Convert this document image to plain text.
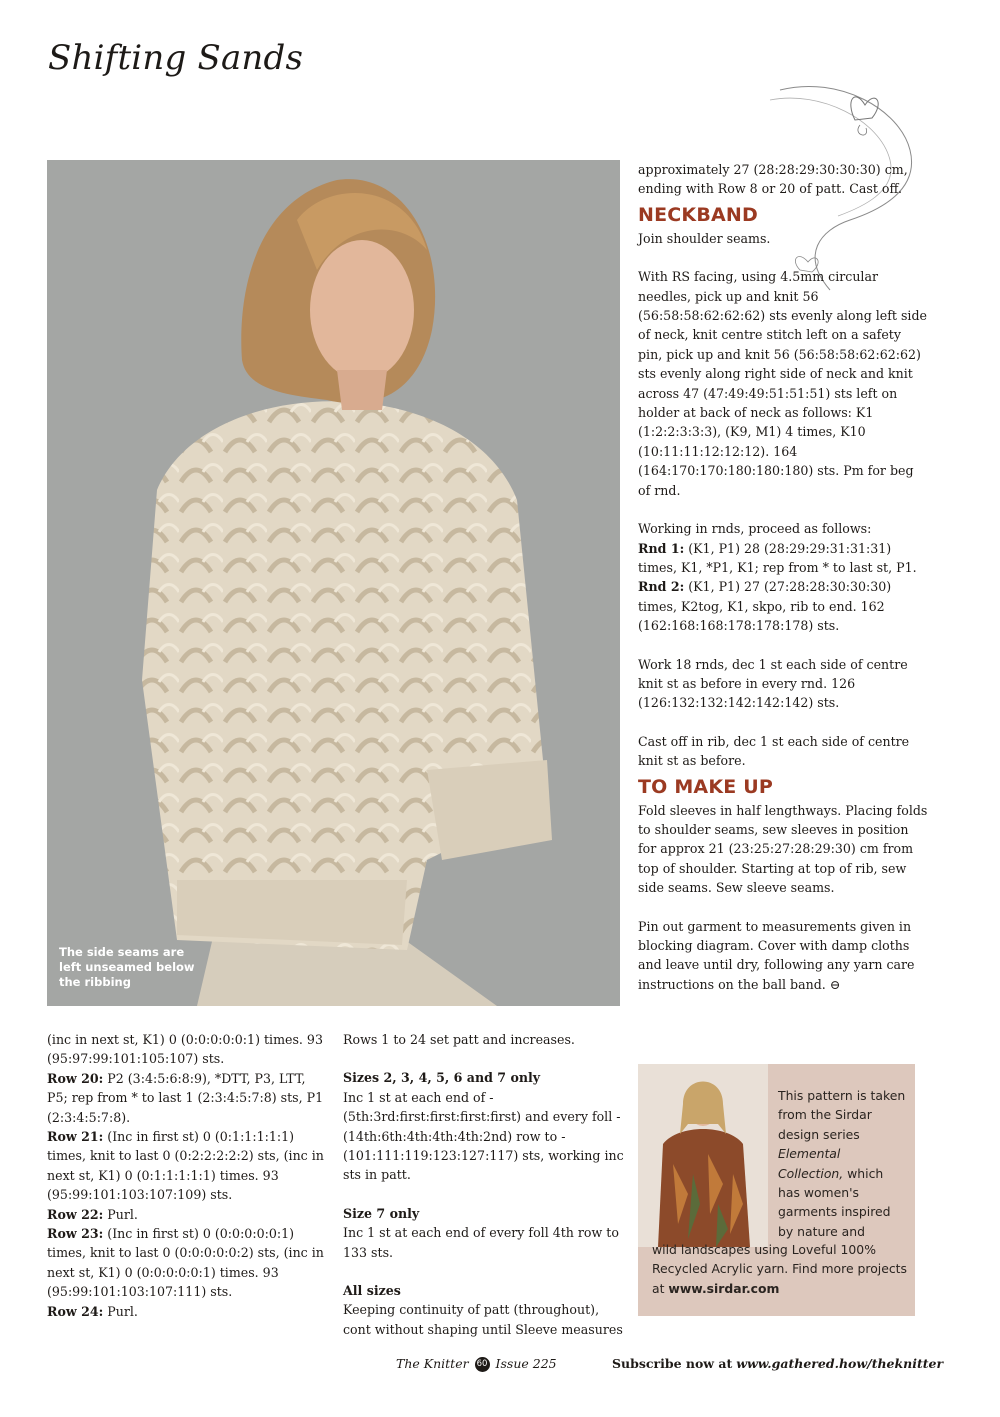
Shifting Sands
The side seams are left unseamed below the ribbing

approximately 27 (28:28:29:30:30:30) cm, ending with Row 8 or 20 of patt. Cast off.

NECKBAND

Join shoulder seams.

With RS facing, using 4.5mm circular needles, pick up and knit 56 (56:58:58:62:62:62) sts evenly along left side of neck, knit centre stitch left on a safety pin, pick up and knit 56 (56:58:58:62:62:62) sts evenly along right side of neck and knit across 47 (47:49:49:51:51:51) sts left on holder at back of neck as follows: K1 (1:2:2:3:3:3), (K9, M1) 4 times, K10 (10:11:11:12:12:12). 164 (164:170:170:180:180:180) sts. Pm for beg of rnd.

Working in rnds, proceed as follows:

Rnd 1: (K1, P1) 28 (28:29:29:31:31:31) times, K1, *P1, K1; rep from * to last st, P1.

Rnd 2: (K1, P1) 27 (27:28:28:30:30:30) times, K2tog, K1, skpo, rib to end. 162 (162:168:168:178:178:178) sts.

Work 18 rnds, dec 1 st each side of centre knit st as before in every rnd. 126 (126:132:132:142:142:142) sts.

Cast off in rib, dec 1 st each side of centre knit st as before.

TO MAKE UP

Fold sleeves in half lengthways. Placing folds to shoulder seams, sew sleeves in position for approx 21 (23:25:27:28:29:30) cm from top of shoulder. Starting at top of rib, sew side seams. Sew sleeve seams.

Pin out garment to measurements given in blocking diagram. Cover with damp cloths and leave until dry, following any yarn care instructions on the ball band. ⊖

(inc in next st, K1) 0 (0:0:0:0:0:1) times. 93 (95:97:99:101:105:107) sts.

Row 20: P2 (3:4:5:6:8:9), *DTT, P3, LTT, P5; rep from * to last 1 (2:3:4:5:7:8) sts, P1 (2:3:4:5:7:8).

Row 21: (Inc in first st) 0 (0:1:1:1:1:1) times, knit to last 0 (0:2:2:2:2:2) sts, (inc in next st, K1) 0 (0:1:1:1:1:1) times. 93 (95:99:101:103:107:109) sts.

Row 22: Purl.

Row 23: (Inc in first st) 0 (0:0:0:0:0:1) times, knit to last 0 (0:0:0:0:0:2) sts, (inc in next st, K1) 0 (0:0:0:0:0:1) times. 93 (95:99:101:103:107:111) sts.

Row 24: Purl.

Rows 1 to 24 set patt and increases.

Sizes 2, 3, 4, 5, 6 and 7 only

Inc 1 st at each end of - (5th:3rd:first:first:first:first) and every foll -(14th:6th:4th:4th:4th:2nd) row to - (101:111:119:123:127:117) sts, working inc sts in patt.

Size 7 only

Inc 1 st at each end of every foll 4th row to 133 sts.

All sizes

Keeping continuity of patt (throughout), cont without shaping until Sleeve measures

This pattern is taken from the Sirdar design series Elemental Collection, which has women's garments inspired by nature and
wild landscapes using Loveful 100% Recycled Acrylic yarn. Find more projects at www.sirdar.com
The Knitter 60 Issue 225	Subscribe now at www.gathered.how/theknitter
